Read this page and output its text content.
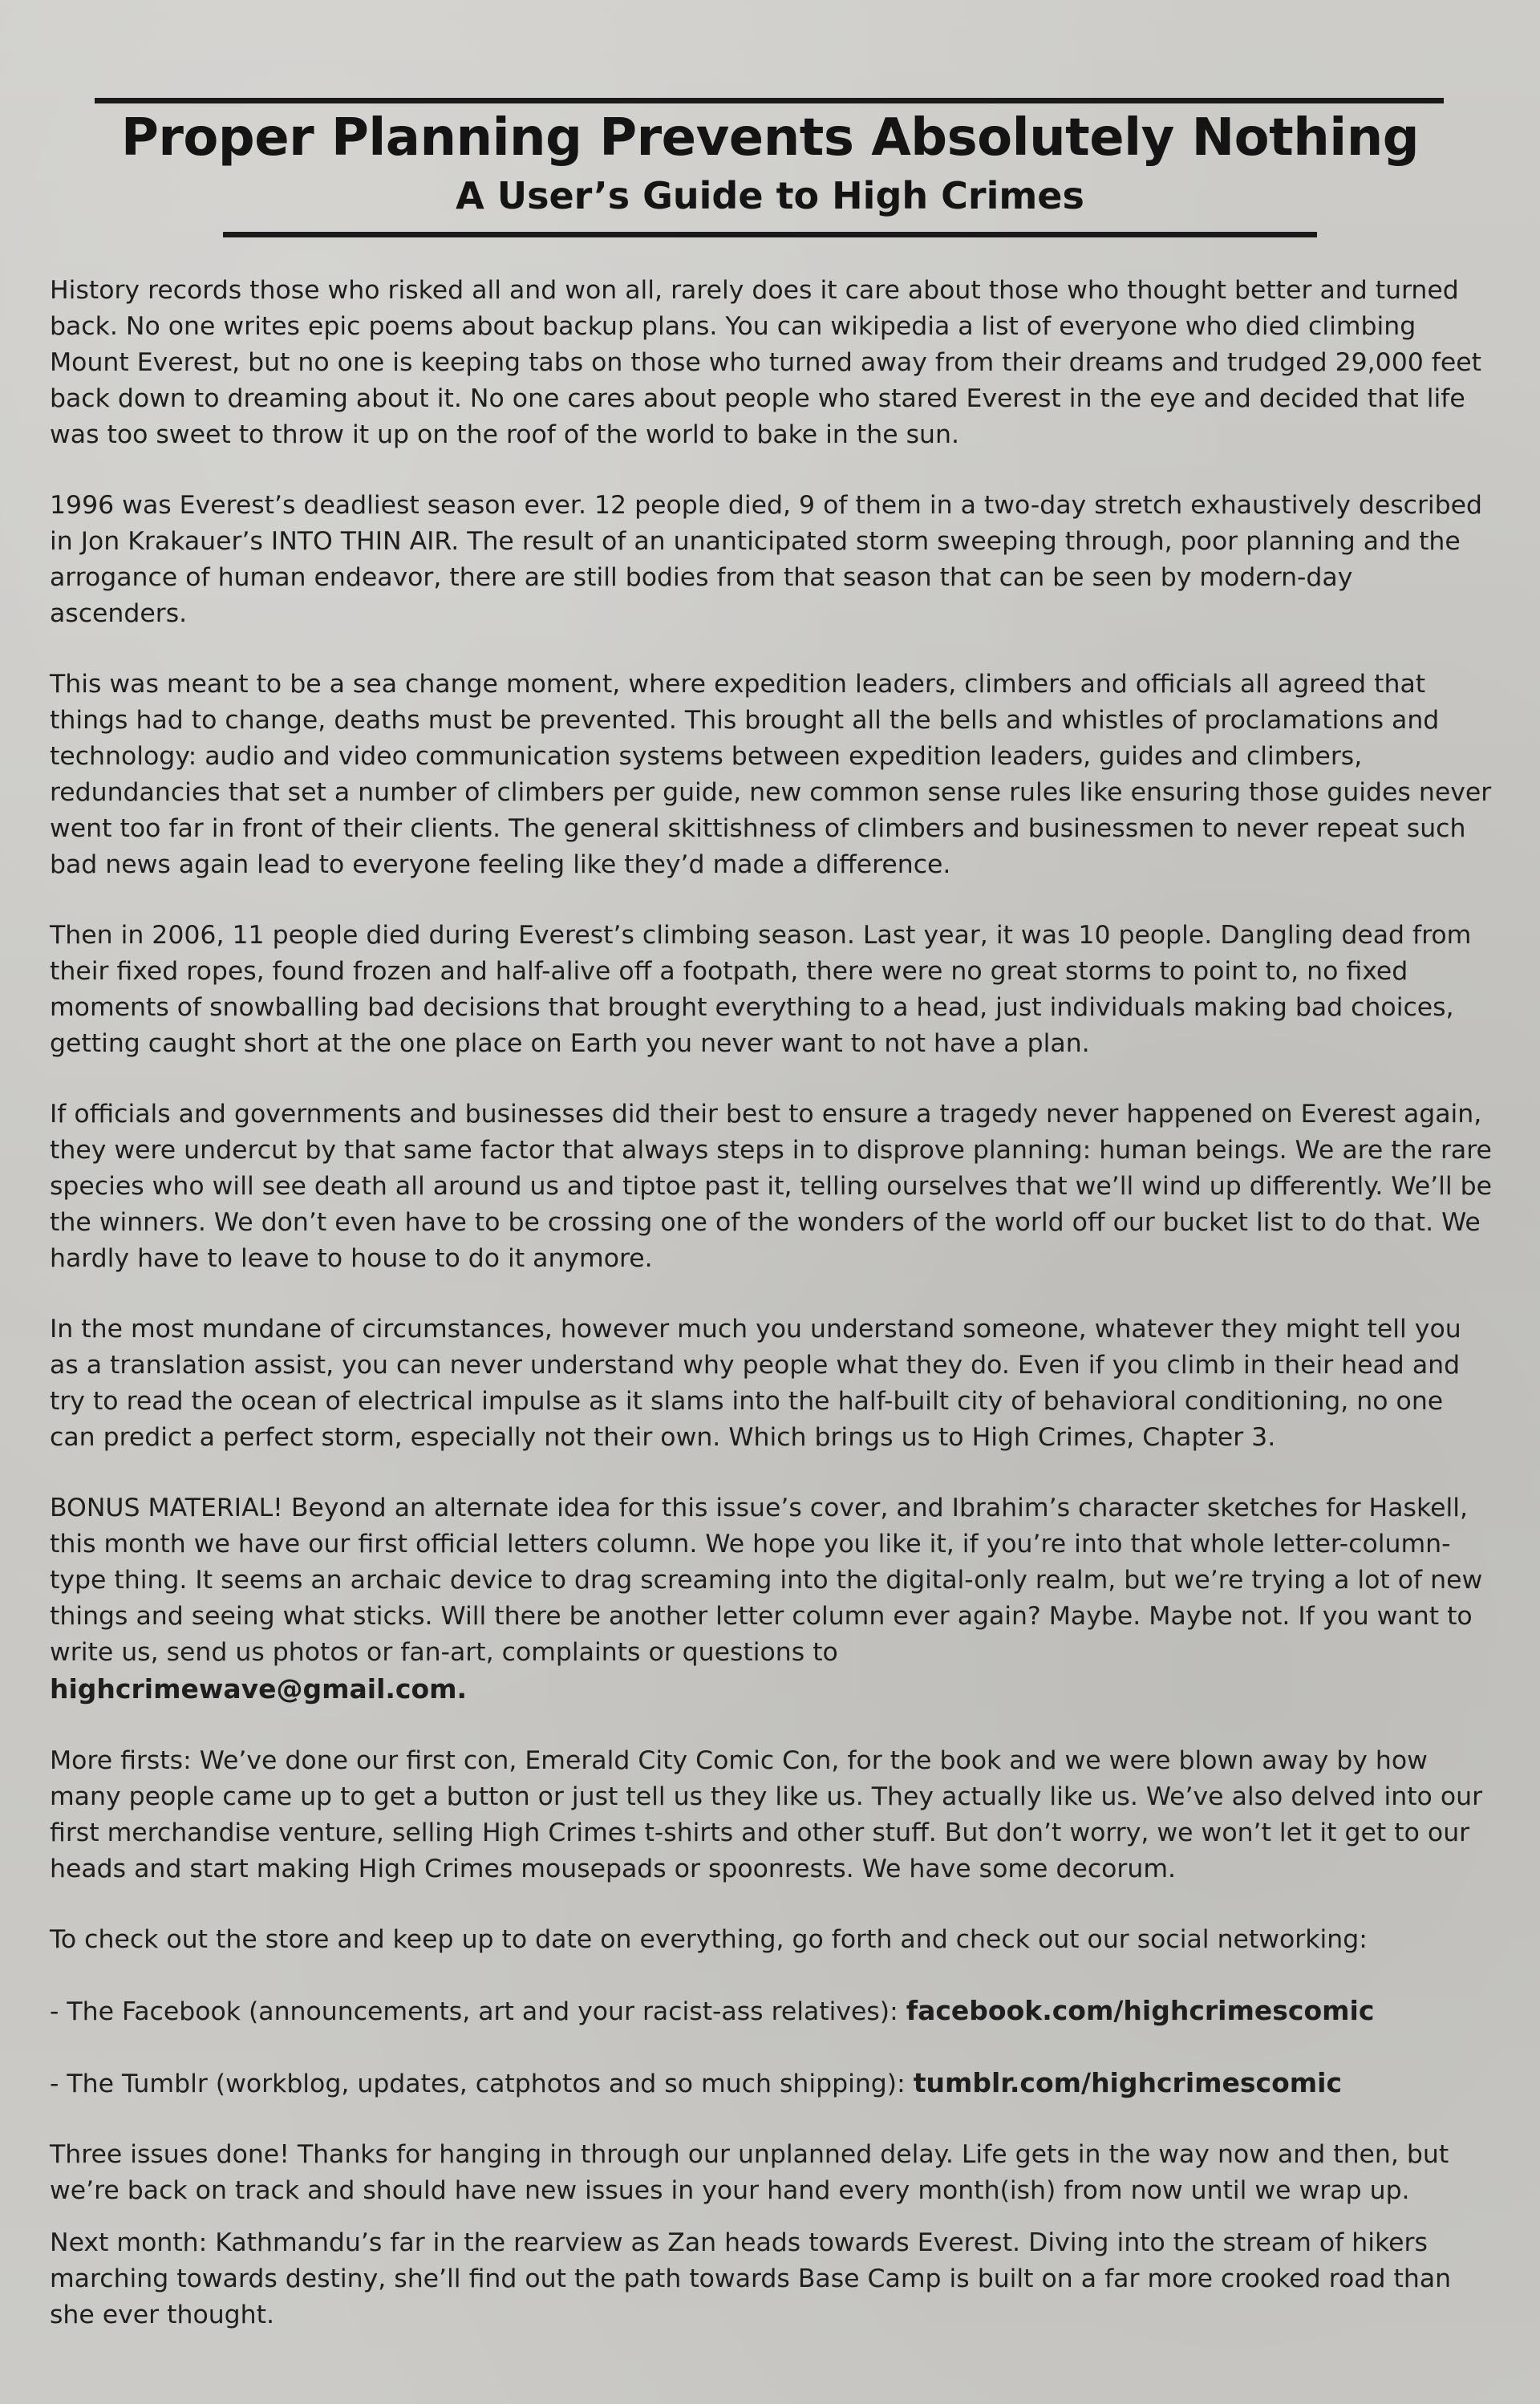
Proper Planning Prevents Absolutely Nothing
A User’s Guide to High Crimes

History records those who risked all and won all, rarely does it care about those who thought better and turned back. No one writes epic poems about backup plans. You can wikipedia a list of everyone who died climbing Mount Everest, but no one is keeping tabs on those who turned away from their dreams and trudged 29,000 feet back down to dreaming about it. No one cares about people who stared Everest in the eye and decided that life was too sweet to throw it up on the roof of the world to bake in the sun.

1996 was Everest’s deadliest season ever. 12 people died, 9 of them in a two-day stretch exhaustively described in Jon Krakauer’s INTO THIN AIR. The result of an unanticipated storm sweeping through, poor planning and the arrogance of human endeavor, there are still bodies from that season that can be seen by modern-day ascenders.

This was meant to be a sea change moment, where expedition leaders, climbers and officials all agreed that things had to change, deaths must be prevented. This brought all the bells and whistles of proclamations and technology: audio and video communication systems between expedition leaders, guides and climbers, redundancies that set a number of climbers per guide, new common sense rules like ensuring those guides never went too far in front of their clients. The general skittishness of climbers and businessmen to never repeat such bad news again lead to everyone feeling like they’d made a difference.

Then in 2006, 11 people died during Everest’s climbing season. Last year, it was 10 people. Dangling dead from their fixed ropes, found frozen and half-alive off a footpath, there were no great storms to point to, no fixed moments of snowballing bad decisions that brought everything to a head, just individuals making bad choices, getting caught short at the one place on Earth you never want to not have a plan.

If officials and governments and businesses did their best to ensure a tragedy never happened on Everest again, they were undercut by that same factor that always steps in to disprove planning: human beings. We are the rare species who will see death all around us and tiptoe past it, telling ourselves that we’ll wind up differently. We’ll be the winners. We don’t even have to be crossing one of the wonders of the world off our bucket list to do that. We hardly have to leave to house to do it anymore.

In the most mundane of circumstances, however much you understand someone, whatever they might tell you as a translation assist, you can never understand why people what they do. Even if you climb in their head and try to read the ocean of electrical impulse as it slams into the half-built city of behavioral conditioning, no one can predict a perfect storm, especially not their own. Which brings us to High Crimes, Chapter 3.

BONUS MATERIAL! Beyond an alternate idea for this issue’s cover, and Ibrahim’s character sketches for Haskell, this month we have our first official letters column. We hope you like it, if you’re into that whole letter-column-type thing. It seems an archaic device to drag screaming into the digital-only realm, but we’re trying a lot of new things and seeing what sticks. Will there be another letter column ever again? Maybe. Maybe not. If you want to write us, send us photos or fan-art, complaints or questions to
highcrimewave@gmail.com.

More firsts: We’ve done our first con, Emerald City Comic Con, for the book and we were blown away by how many people came up to get a button or just tell us they like us. They actually like us. We’ve also delved into our first merchandise venture, selling High Crimes t-shirts and other stuff. But don’t worry, we won’t let it get to our heads and start making High Crimes mousepads or spoonrests. We have some decorum.

To check out the store and keep up to date on everything, go forth and check out our social networking:

- The Facebook (announcements, art and your racist-ass relatives): facebook.com/highcrimescomic

- The Tumblr (workblog, updates, catphotos and so much shipping): tumblr.com/highcrimescomic

Three issues done! Thanks for hanging in through our unplanned delay. Life gets in the way now and then, but we’re back on track and should have new issues in your hand every month(ish) from now until we wrap up.

Next month: Kathmandu’s far in the rearview as Zan heads towards Everest. Diving into the stream of hikers marching towards destiny, she’ll find out the path towards Base Camp is built on a far more crooked road than she ever thought.
